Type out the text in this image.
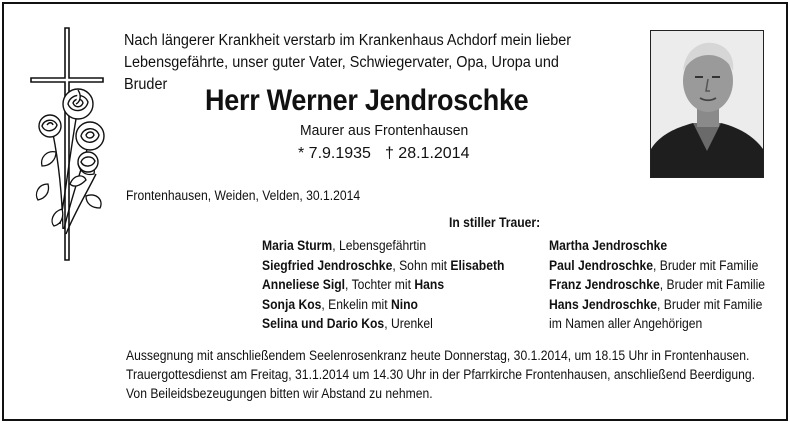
Nach längerer Krankheit verstarb im Krankenhaus Achdorf mein lieber
Lebensgefährte, unser guter Vater, Schwiegervater, Opa, Uropa und Bruder	Herr Werner Jendroschke
Maurer aus Frontenhausen
* 7.9.1935 † 28.1.2014
Frontenhausen, Weiden, Velden, 30.1.2014
In stiller Trauer:
Maria Sturm, Lebensgefährtin
Siegfried Jendroschke, Sohn mit Elisabeth
Anneliese Sigl, Tochter mit Hans
Sonja Kos, Enkelin mit Nino
Selina und Dario Kos, Urenkel
Martha Jendroschke
Paul Jendroschke, Bruder mit Familie
Franz Jendroschke, Bruder mit Familie
Hans Jendroschke, Bruder mit Familie
im Namen aller Angehörigen
Aussegnung mit anschließendem Seelenrosenkranz heute Donnerstag, 30.1.2014, um 18.15 Uhr in Frontenhausen.
Trauergottesdienst am Freitag, 31.1.2014 um 14.30 Uhr in der Pfarrkirche Frontenhausen, anschließend Beerdigung.
Von Beileidsbezeugungen bitten wir Abstand zu nehmen.
